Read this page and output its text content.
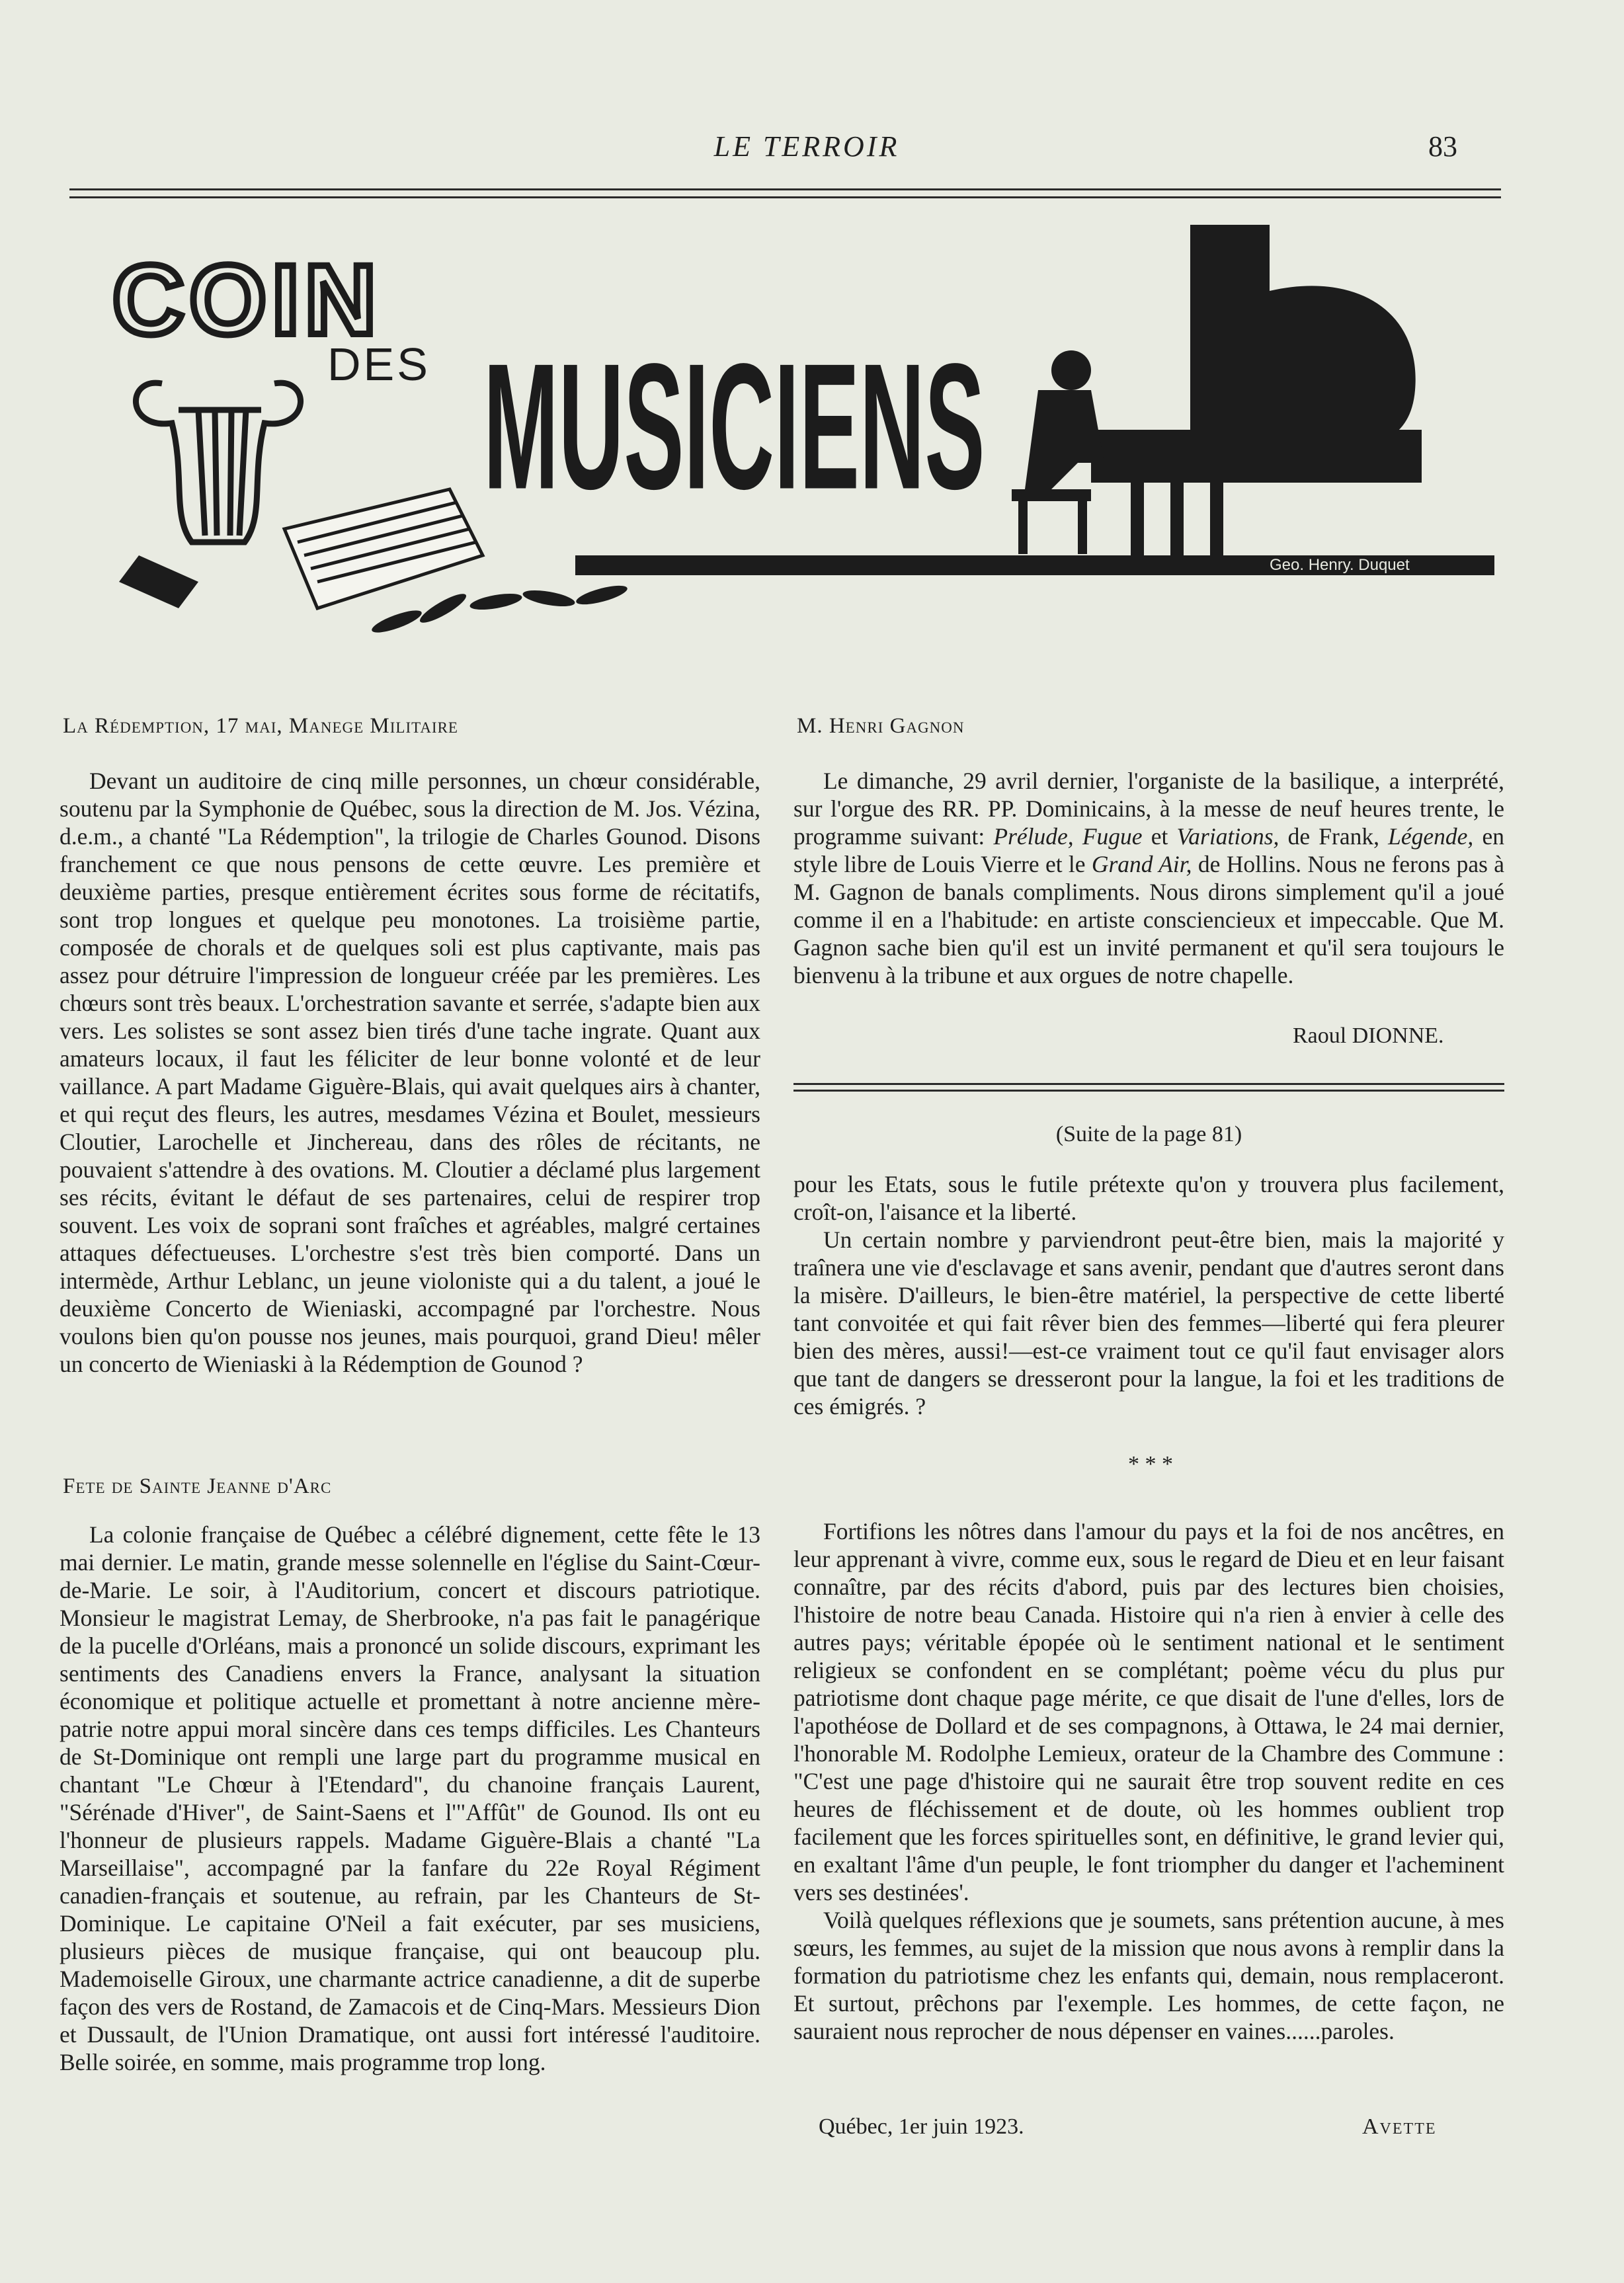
LE TERROIR	83
COIN
DES MUSICIENS
Geo. Henry. Duquet
La Rédemption, 17 mai, Manege Militaire

Devant un auditoire de cinq mille personnes, un chœur considérable, soutenu par la Symphonie de Québec, sous la direction de M. Jos. Vézina, d.e.m., a chanté "La Rédemption", la trilogie de Charles Gounod. Disons franchement ce que nous pensons de cette œuvre. Les première et deuxième parties, presque entièrement écrites sous forme de récitatifs, sont trop longues et quelque peu monotones. La troisième partie, composée de chorals et de quelques soli est plus captivante, mais pas assez pour détruire l'impression de longueur créée par les premières. Les chœurs sont très beaux. L'orchestration savante et serrée, s'adapte bien aux vers. Les solistes se sont assez bien tirés d'une tache ingrate. Quant aux amateurs locaux, il faut les féliciter de leur bonne volonté et de leur vaillance. A part Madame Giguère-Blais, qui avait quelques airs à chanter, et qui reçut des fleurs, les autres, mesdames Vézina et Boulet, messieurs Cloutier, Larochelle et Jinchereau, dans des rôles de récitants, ne pouvaient s'attendre à des ovations. M. Cloutier a déclamé plus largement ses récits, évitant le défaut de ses partenaires, celui de respirer trop souvent. Les voix de soprani sont fraîches et agréables, malgré certaines attaques défectueuses. L'orchestre s'est très bien comporté. Dans un intermède, Arthur Leblanc, un jeune violoniste qui a du talent, a joué le deuxième Concerto de Wieniaski, accompagné par l'orchestre. Nous voulons bien qu'on pousse nos jeunes, mais pourquoi, grand Dieu! mêler un concerto de Wieniaski à la Rédemption de Gounod ?

Fete de Sainte Jeanne d'Arc

La colonie française de Québec a célébré dignement, cette fête le 13 mai dernier. Le matin, grande messe solennelle en l'église du Saint-Cœur-de-Marie. Le soir, à l'Auditorium, concert et discours patriotique. Monsieur le magistrat Lemay, de Sherbrooke, n'a pas fait le panagérique de la pucelle d'Orléans, mais a prononcé un solide discours, exprimant les sentiments des Canadiens envers la France, analysant la situation économique et politique actuelle et promettant à notre ancienne mère-patrie notre appui moral sincère dans ces temps difficiles. Les Chanteurs de St-Dominique ont rempli une large part du programme musical en chantant "Le Chœur à l'Etendard", du chanoine français Laurent, "Sérénade d'Hiver", de Saint-Saens et l'"Affût" de Gounod. Ils ont eu l'honneur de plusieurs rappels. Madame Giguère-Blais a chanté "La Marseillaise", accompagné par la fanfare du 22e Royal Régiment canadien-français et soutenue, au refrain, par les Chanteurs de St-Dominique. Le capitaine O'Neil a fait exécuter, par ses musiciens, plusieurs pièces de musique française, qui ont beaucoup plu. Mademoiselle Giroux, une charmante actrice canadienne, a dit de superbe façon des vers de Rostand, de Zamacois et de Cinq-Mars. Messieurs Dion et Dussault, de l'Union Dramatique, ont aussi fort intéressé l'auditoire. Belle soirée, en somme, mais programme trop long.

M. Henri Gagnon

Le dimanche, 29 avril dernier, l'organiste de la basilique, a interprété, sur l'orgue des RR. PP. Dominicains, à la messe de neuf heures trente, le programme suivant: Prélude, Fugue et Variations, de Frank, Légende, en style libre de Louis Vierre et le Grand Air, de Hollins. Nous ne ferons pas à M. Gagnon de banals compliments. Nous dirons simplement qu'il a joué comme il en a l'habitude: en artiste consciencieux et impeccable. Que M. Gagnon sache bien qu'il est un invité permanent et qu'il sera toujours le bienvenu à la tribune et aux orgues de notre chapelle.

Raoul DIONNE.
(Suite de la page 81)

pour les Etats, sous le futile prétexte qu'on y trouvera plus facilement, croît-on, l'aisance et la liberté.

Un certain nombre y parviendront peut-être bien, mais la majorité y traînera une vie d'esclavage et sans avenir, pendant que d'autres seront dans la misère. D'ailleurs, le bien-être matériel, la perspective de cette liberté tant convoitée et qui fait rêver bien des femmes—liberté qui fera pleurer bien des mères, aussi!—est-ce vraiment tout ce qu'il faut envisager alors que tant de dangers se dresseront pour la langue, la foi et les traditions de ces émigrés. ?

* * *

Fortifions les nôtres dans l'amour du pays et la foi de nos ancêtres, en leur apprenant à vivre, comme eux, sous le regard de Dieu et en leur faisant connaître, par des récits d'abord, puis par des lectures bien choisies, l'histoire de notre beau Canada. Histoire qui n'a rien à envier à celle des autres pays; véritable épopée où le sentiment national et le sentiment religieux se confondent en se complétant; poème vécu du plus pur patriotisme dont chaque page mérite, ce que disait de l'une d'elles, lors de l'apothéose de Dollard et de ses compagnons, à Ottawa, le 24 mai dernier, l'honorable M. Rodolphe Lemieux, orateur de la Chambre des Commune : "C'est une page d'histoire qui ne saurait être trop souvent redite en ces heures de fléchissement et de doute, où les hommes oublient trop facilement que les forces spirituelles sont, en définitive, le grand levier qui, en exaltant l'âme d'un peuple, le font triompher du danger et l'acheminent vers ses destinées'.

Voilà quelques réflexions que je soumets, sans prétention aucune, à mes sœurs, les femmes, au sujet de la mission que nous avons à remplir dans la formation du patriotisme chez les enfants qui, demain, nous remplaceront. Et surtout, prêchons par l'exemple. Les hommes, de cette façon, ne sauraient nous reprocher de nous dépenser en vaines......paroles.

Québec, 1er juin 1923.	Avette
